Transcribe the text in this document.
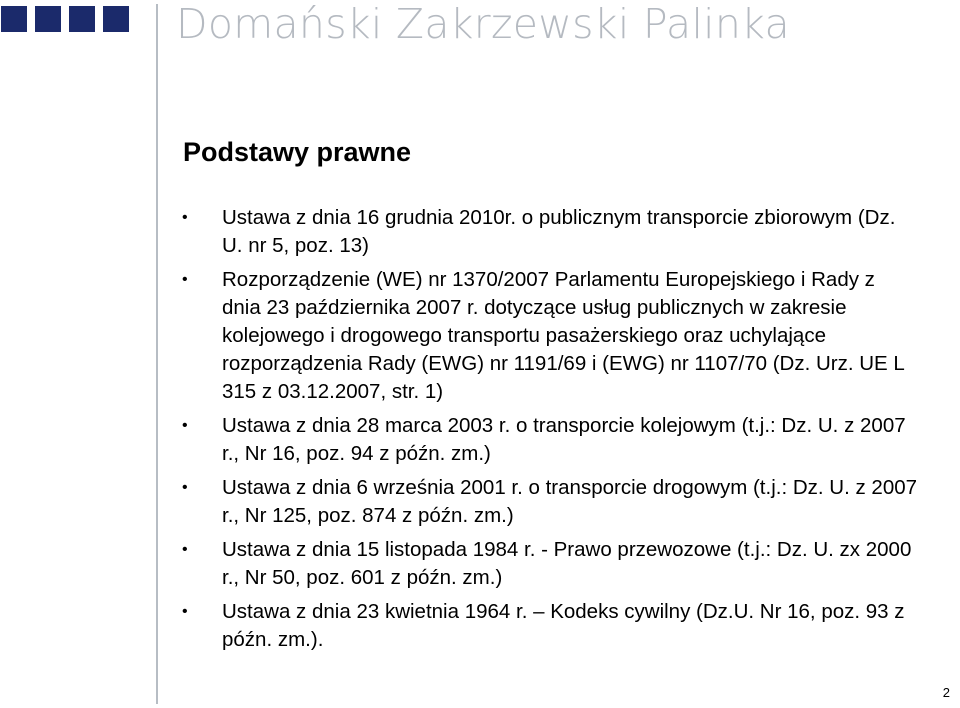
Domański Zakrzewski Palinka
Podstawy prawne
• Ustawa z dnia 16 grudnia 2010r. o publicznym transporcie zbiorowym (Dz. U. nr 5, poz. 13)
• Rozporządzenie (WE) nr 1370/2007 Parlamentu Europejskiego i Rady z dnia 23 października 2007 r. dotyczące usług publicznych w zakresie kolejowego i drogowego transportu pasażerskiego oraz uchylające rozporządzenia Rady (EWG) nr 1191/69 i (EWG) nr 1107/70 (Dz. Urz. UE L 315 z 03.12.2007, str. 1)
• Ustawa z dnia 28 marca 2003 r. o transporcie kolejowym (t.j.: Dz. U. z 2007 r., Nr 16, poz. 94 z późn. zm.)
• Ustawa z dnia 6 września 2001 r. o transporcie drogowym (t.j.: Dz. U. z 2007 r., Nr 125, poz. 874 z późn. zm.)
• Ustawa z dnia 15 listopada 1984 r. - Prawo przewozowe (t.j.: Dz. U. zx 2000 r., Nr 50, poz. 601 z późn. zm.)
• Ustawa z dnia 23 kwietnia 1964 r. – Kodeks cywilny (Dz.U. Nr 16, poz. 93 z późn. zm.).
2
